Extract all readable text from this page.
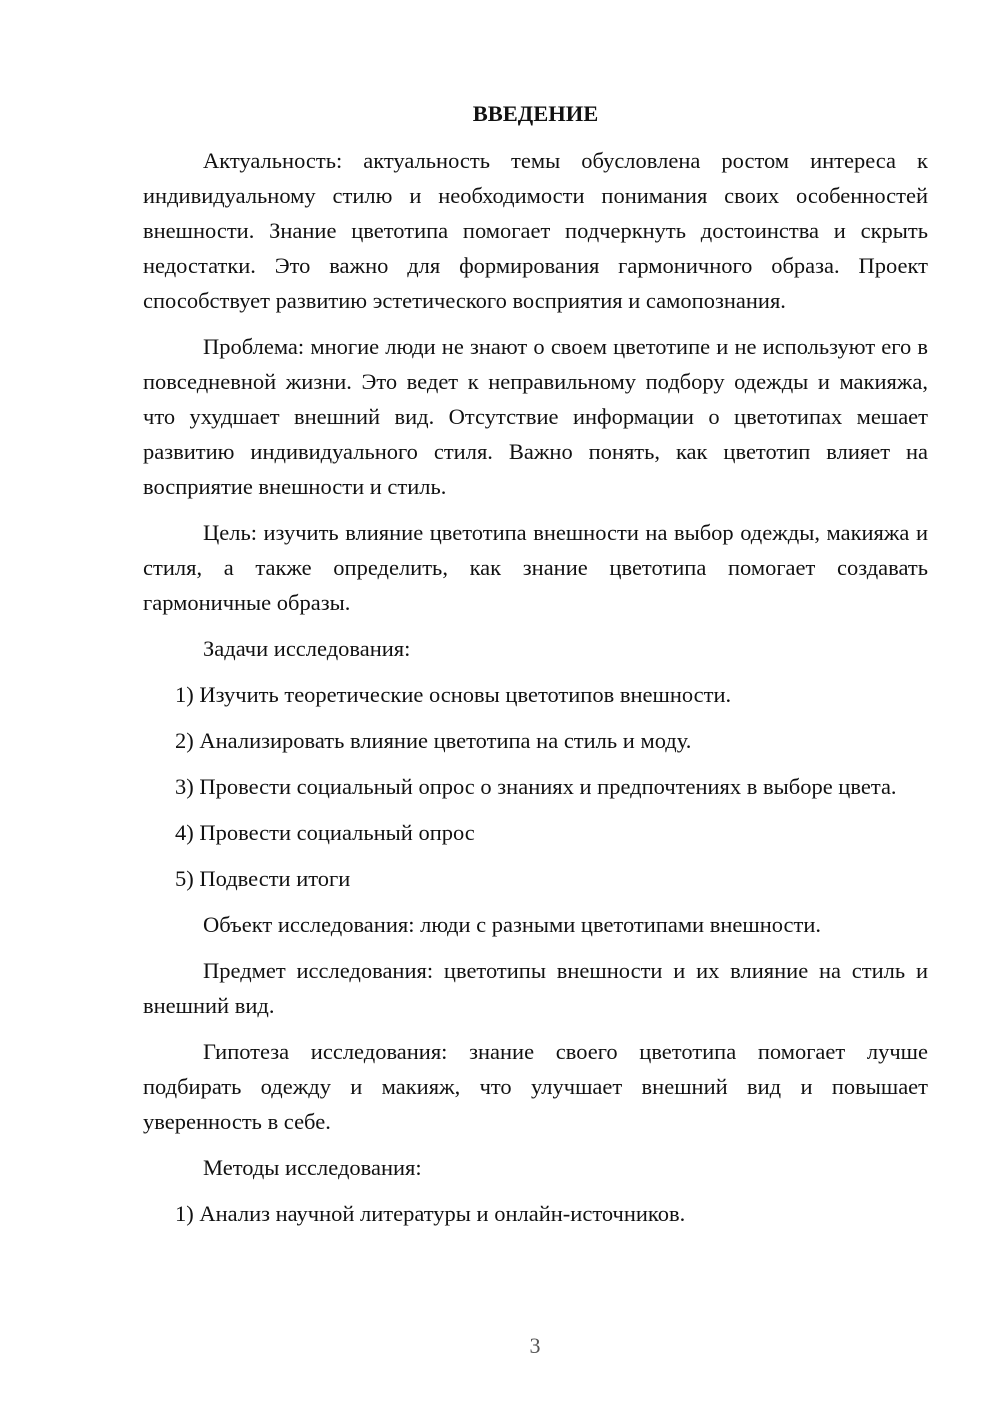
ВВЕДЕНИЕ
Актуальность: актуальность темы обусловлена ростом интереса к индивидуальному стилю и необходимости понимания своих особенностей внешности. Знание цветотипа помогает подчеркнуть достоинства и скрыть недостатки. Это важно для формирования гармоничного образа. Проект способствует развитию эстетического восприятия и самопознания.
Проблема: многие люди не знают о своем цветотипе и не используют его в повседневной жизни. Это ведет к неправильному подбору одежды и макияжа, что ухудшает внешний вид. Отсутствие информации о цветотипах мешает развитию индивидуального стиля. Важно понять, как цветотип влияет на восприятие внешности и стиль.
Цель: изучить влияние цветотипа внешности на выбор одежды, макияжа и стиля, а также определить, как знание цветотипа помогает создавать гармоничные образы.
Задачи исследования:
1) Изучить теоретические основы цветотипов внешности.
2) Анализировать влияние цветотипа на стиль и моду.
3) Провести социальный опрос о знаниях и предпочтениях в выборе цвета.
4) Провести социальный опрос
5) Подвести итоги
Объект исследования: люди с разными цветотипами внешности.
Предмет исследования: цветотипы внешности и их влияние на стиль и внешний вид.
Гипотеза исследования: знание своего цветотипа помогает лучше подбирать одежду и макияж, что улучшает внешний вид и повышает уверенность в себе.
Методы исследования:
1) Анализ научной литературы и онлайн-источников.
3
